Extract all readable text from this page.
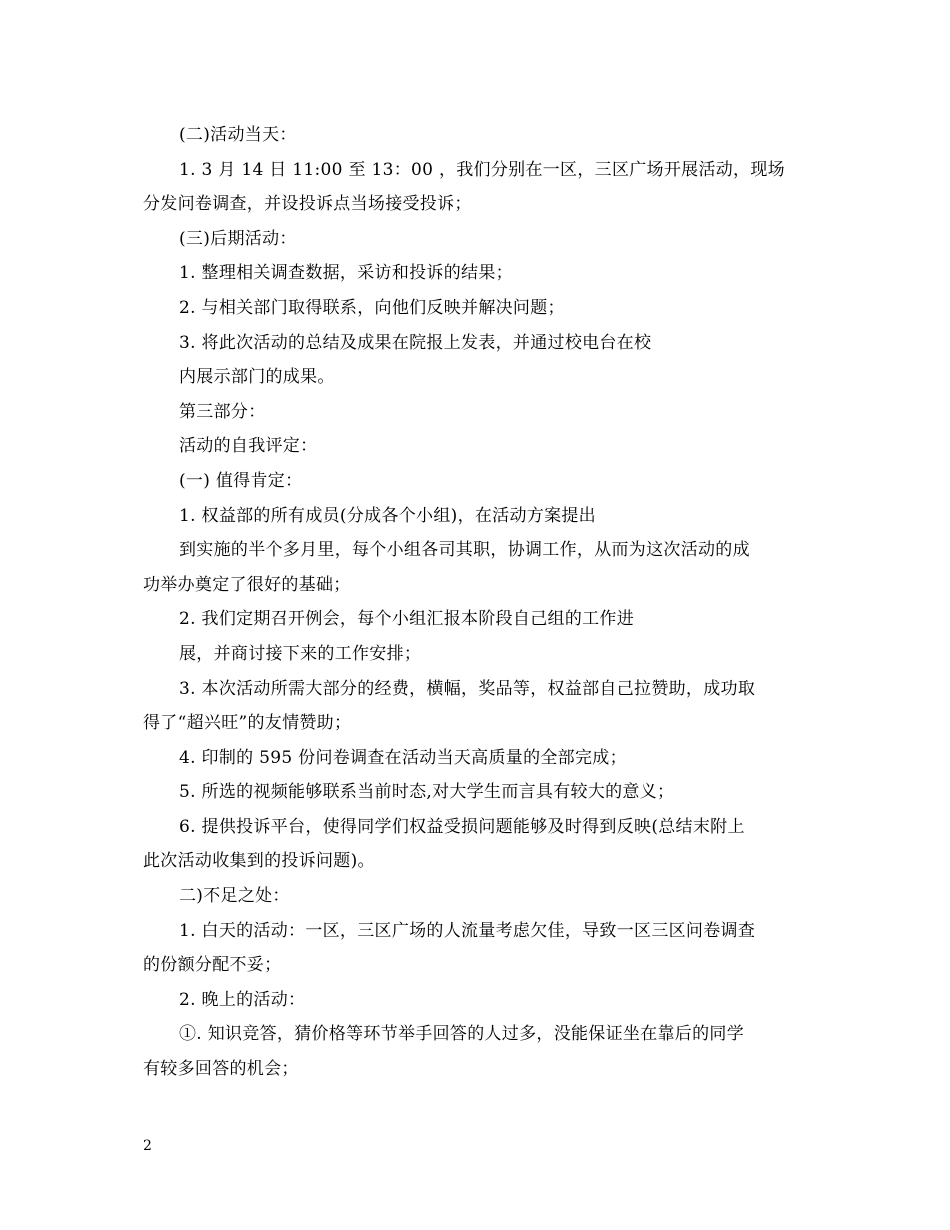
(二)活动当天：
1. 3 月 14 日 11:00 至 13：00 ，我们分别在一区，三区广场开展活动，现场
分发问卷调查，并设投诉点当场接受投诉；
(三)后期活动：
1. 整理相关调查数据，采访和投诉的结果；
2. 与相关部门取得联系，向他们反映并解决问题；
3. 将此次活动的总结及成果在院报上发表，并通过校电台在校
内展示部门的成果。
第三部分：
活动的自我评定：
(一) 值得肯定：
1. 权益部的所有成员(分成各个小组)，在活动方案提出
到实施的半个多月里，每个小组各司其职，协调工作，从而为这次活动的成
功举办奠定了很好的基础；
2. 我们定期召开例会，每个小组汇报本阶段自己组的工作进
展，并商讨接下来的工作安排；
3. 本次活动所需大部分的经费，横幅，奖品等，权益部自己拉赞助，成功取
得了“超兴旺”的友情赞助；
4. 印制的 595 份问卷调查在活动当天高质量的全部完成；
5. 所选的视频能够联系当前时态,对大学生而言具有较大的意义；
6. 提供投诉平台，使得同学们权益受损问题能够及时得到反映(总结末附上
此次活动收集到的投诉问题)。
二)不足之处：
1. 白天的活动：一区，三区广场的人流量考虑欠佳，导致一区三区问卷调查
的份额分配不妥；
2. 晚上的活动：
①. 知识竞答，猜价格等环节举手回答的人过多，没能保证坐在靠后的同学
有较多回答的机会；
2
